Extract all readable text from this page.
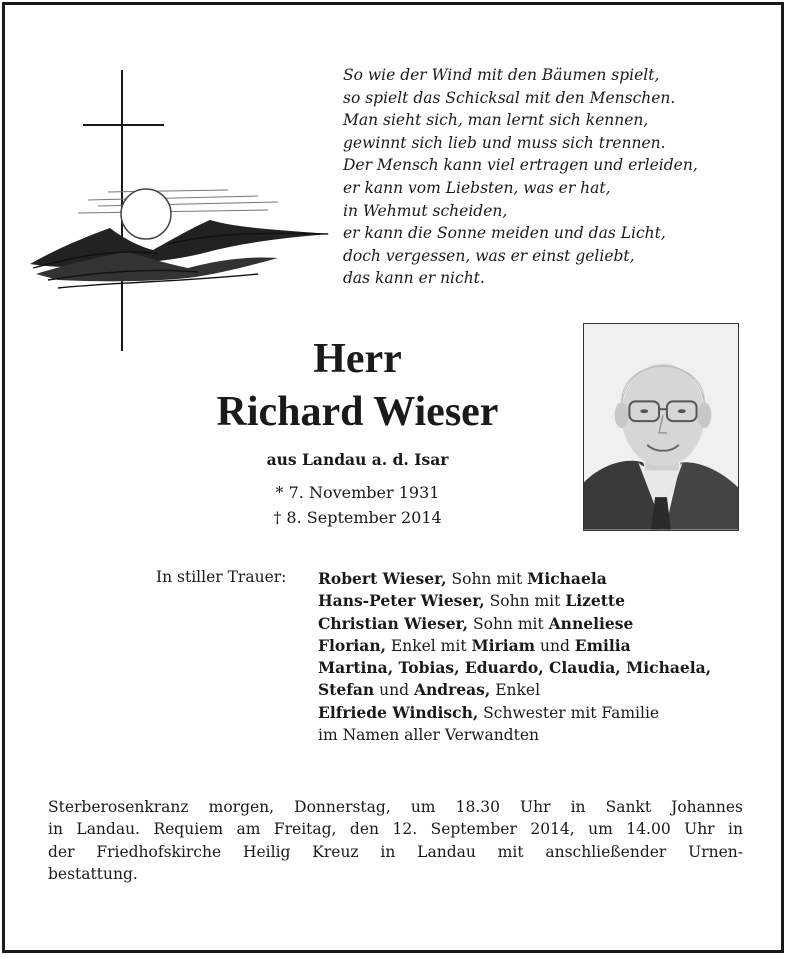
So wie der Wind mit den Bäumen spielt,
so spielt das Schicksal mit den Menschen.
Man sieht sich, man lernt sich kennen,
gewinnt sich lieb und muss sich trennen.
Der Mensch kann viel ertragen und erleiden,
er kann vom Liebsten, was er hat,
in Wehmut scheiden,
er kann die Sonne meiden und das Licht,
doch vergessen, was er einst geliebt,
das kann er nicht.
Herr
Richard Wieser
aus Landau a. d. Isar
* 7. November 1931
† 8. September 2014
In stiller Trauer: Robert Wieser, Sohn mit Michaela
Hans-Peter Wieser, Sohn mit Lizette
Christian Wieser, Sohn mit Anneliese
Florian, Enkel mit Miriam und Emilia
Martina, Tobias, Eduardo, Claudia, Michaela,
Stefan und Andreas, Enkel
Elfriede Windisch, Schwester mit Familie
im Namen aller Verwandten
Sterberosenkranz morgen, Donnerstag, um 18.30 Uhr in Sankt Johannes
in Landau. Requiem am Freitag, den 12. September 2014, um 14.00 Uhr in
der Friedhofskirche Heilig Kreuz in Landau mit anschließender Urnen-
bestattung.
